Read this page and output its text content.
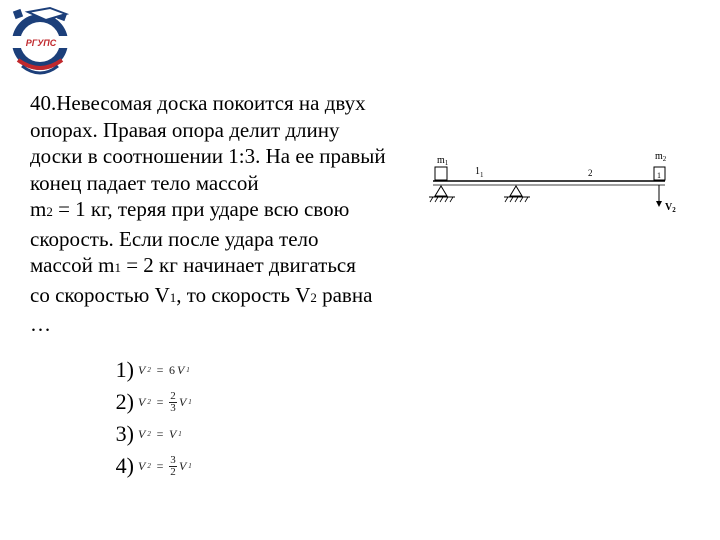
РГУПС
40.Невесомая доска покоится на двух
опорах. Правая опора делит длину
доски в соотношении 1:3. На ее правый
конец падает тело массой
m2 = 1 кг, теряя при ударе всю свою
скорость. Если после удара тело
массой m1 = 2 кг начинает двигаться
со скоростью V1, то скорость V2 равна
…
1) V 2 = 6 V 1
2) V $2 = \frac{2}{3}$ V 1
3) V 2 = V 1
4) V $2 = \frac{3}{2}$ V 1
$m_1$
1
$m_2$
$1_1$	2
$V_2$
